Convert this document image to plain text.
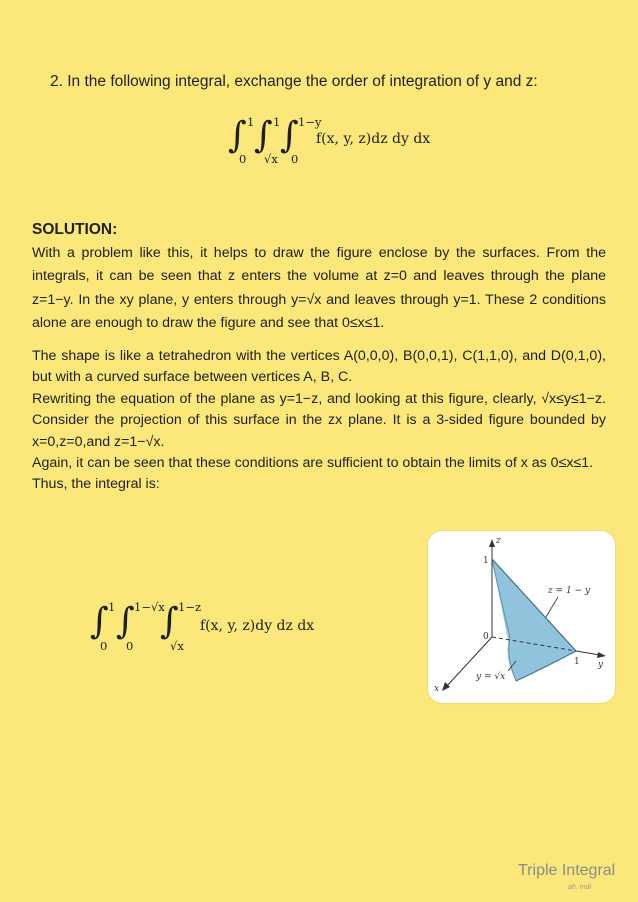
2. In the following integral, exchange the order of integration of y and z:
∫ 1
0
∫ 1
√x
∫ 1−y
0
f(x, y, z)dz dy dx
SOLUTION:

With a problem like this, it helps to draw the figure enclose by the surfaces. From the integrals, it can be seen that z enters the volume at z=0 and leaves through the plane z=1−y. In the xy plane, y enters through y=√x and leaves through y=1. These 2 conditions alone are enough to draw the figure and see that 0≤x≤1.

The shape is like a tetrahedron with the vertices A(0,0,0), B(0,0,1), C(1,1,0), and D(0,1,0), but with a curved surface between vertices A, B, C.
Rewriting the equation of the plane as y=1−z, and looking at this figure, clearly, √x≤y≤1−z. Consider the projection of this surface in the zx plane. It is a 3-sided figure bounded by x=0,z=0,and z=1−√x.
Again, it can be seen that these conditions are sufficient to obtain the limits of x as 0≤x≤1.
Thus, the integral is:
∫ 1
0
∫ 1−√x
0
∫ 1−z
√x
f(x, y, z)dy dz dx
z
1
0
1 y
x
z = 1 − y
y = √x
Triple Integral
ah. mdi
